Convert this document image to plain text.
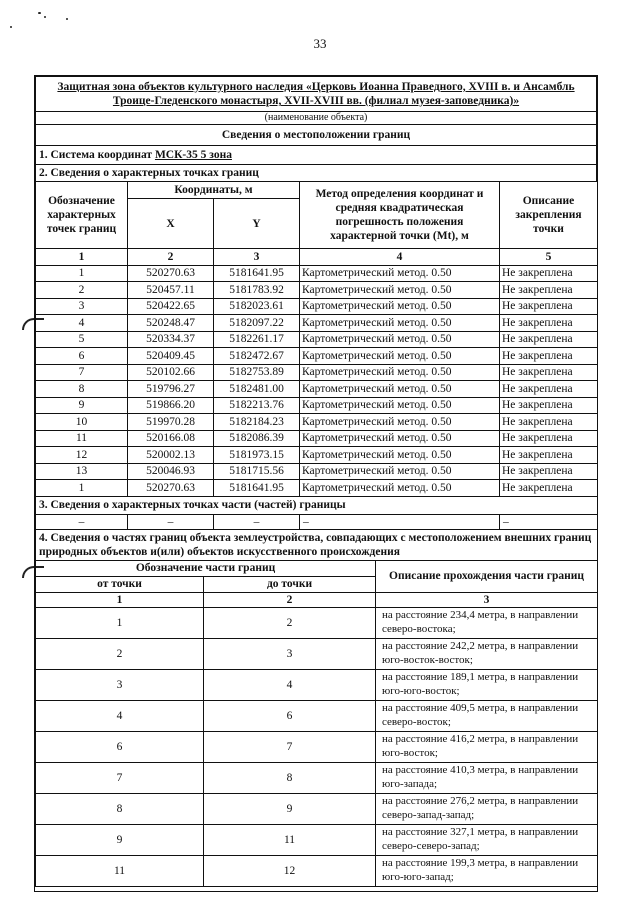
33
Защитная зона объектов культурного наследия «Церковь Иоанна Праведного, XVIII в. и Ансамбль Троице-Гледенского монастыря, XVII-XVIII вв. (филиал музея-заповедника)»
(наименование объекта)
Сведения о местоположении границ
1. Система координат МСК-35 5 зона
2. Сведения о характерных точках границ
Обозначение характерных точек границ	Координаты, м		Метод определения координат и средняя квадратическая погрешность положения характерной точки (Mt), м	Описание закрепления точки
	X	Y		
1	2	3	4	5
1	520270.63	5181641.95	Картометрический метод. 0.50	Не закреплена
2	520457.11	5181783.92	Картометрический метод. 0.50	Не закреплена
3	520422.65	5182023.61	Картометрический метод. 0.50	Не закреплена
4	520248.47	5182097.22	Картометрический метод. 0.50	Не закреплена
5	520334.37	5182261.17	Картометрический метод. 0.50	Не закреплена
6	520409.45	5182472.67	Картометрический метод. 0.50	Не закреплена
7	520102.66	5182753.89	Картометрический метод. 0.50	Не закреплена
8	519796.27	5182481.00	Картометрический метод. 0.50	Не закреплена
9	519866.20	5182213.76	Картометрический метод. 0.50	Не закреплена
10	519970.28	5182184.23	Картометрический метод. 0.50	Не закреплена
11	520166.08	5182086.39	Картометрический метод. 0.50	Не закреплена
12	520002.13	5181973.15	Картометрический метод. 0.50	Не закреплена
13	520046.93	5181715.56	Картометрический метод. 0.50	Не закреплена
1	520270.63	5181641.95	Картометрический метод. 0.50	Не закреплена
3. Сведения о характерных точках части (частей) границы
–	–	–	–	–
4. Сведения о частях границ объекта землеустройства, совпадающих с местоположением внешних границ природных объектов и(или) объектов искусственного происхождения
Обозначение части границ		Описание прохождения части границ
от точки	до точки	
1	2	3
1	2	на расстояние 234,4 метра, в направлении северо-востока;
2	3	на расстояние 242,2 метра, в направлении юго-восток-восток;
3	4	на расстояние 189,1 метра, в направлении юго-юго-восток;
4	6	на расстояние 409,5 метра, в направлении северо-восток;
6	7	на расстояние 416,2 метра, в направлении юго-восток;
7	8	на расстояние 410,3 метра, в направлении юго-запада;
8	9	на расстояние 276,2 метра, в направлении северо-запад-запад;
9	11	на расстояние 327,1 метра, в направлении северо-северо-запад;
11	12	на расстояние 199,3 метра, в направлении юго-юго-запад;
